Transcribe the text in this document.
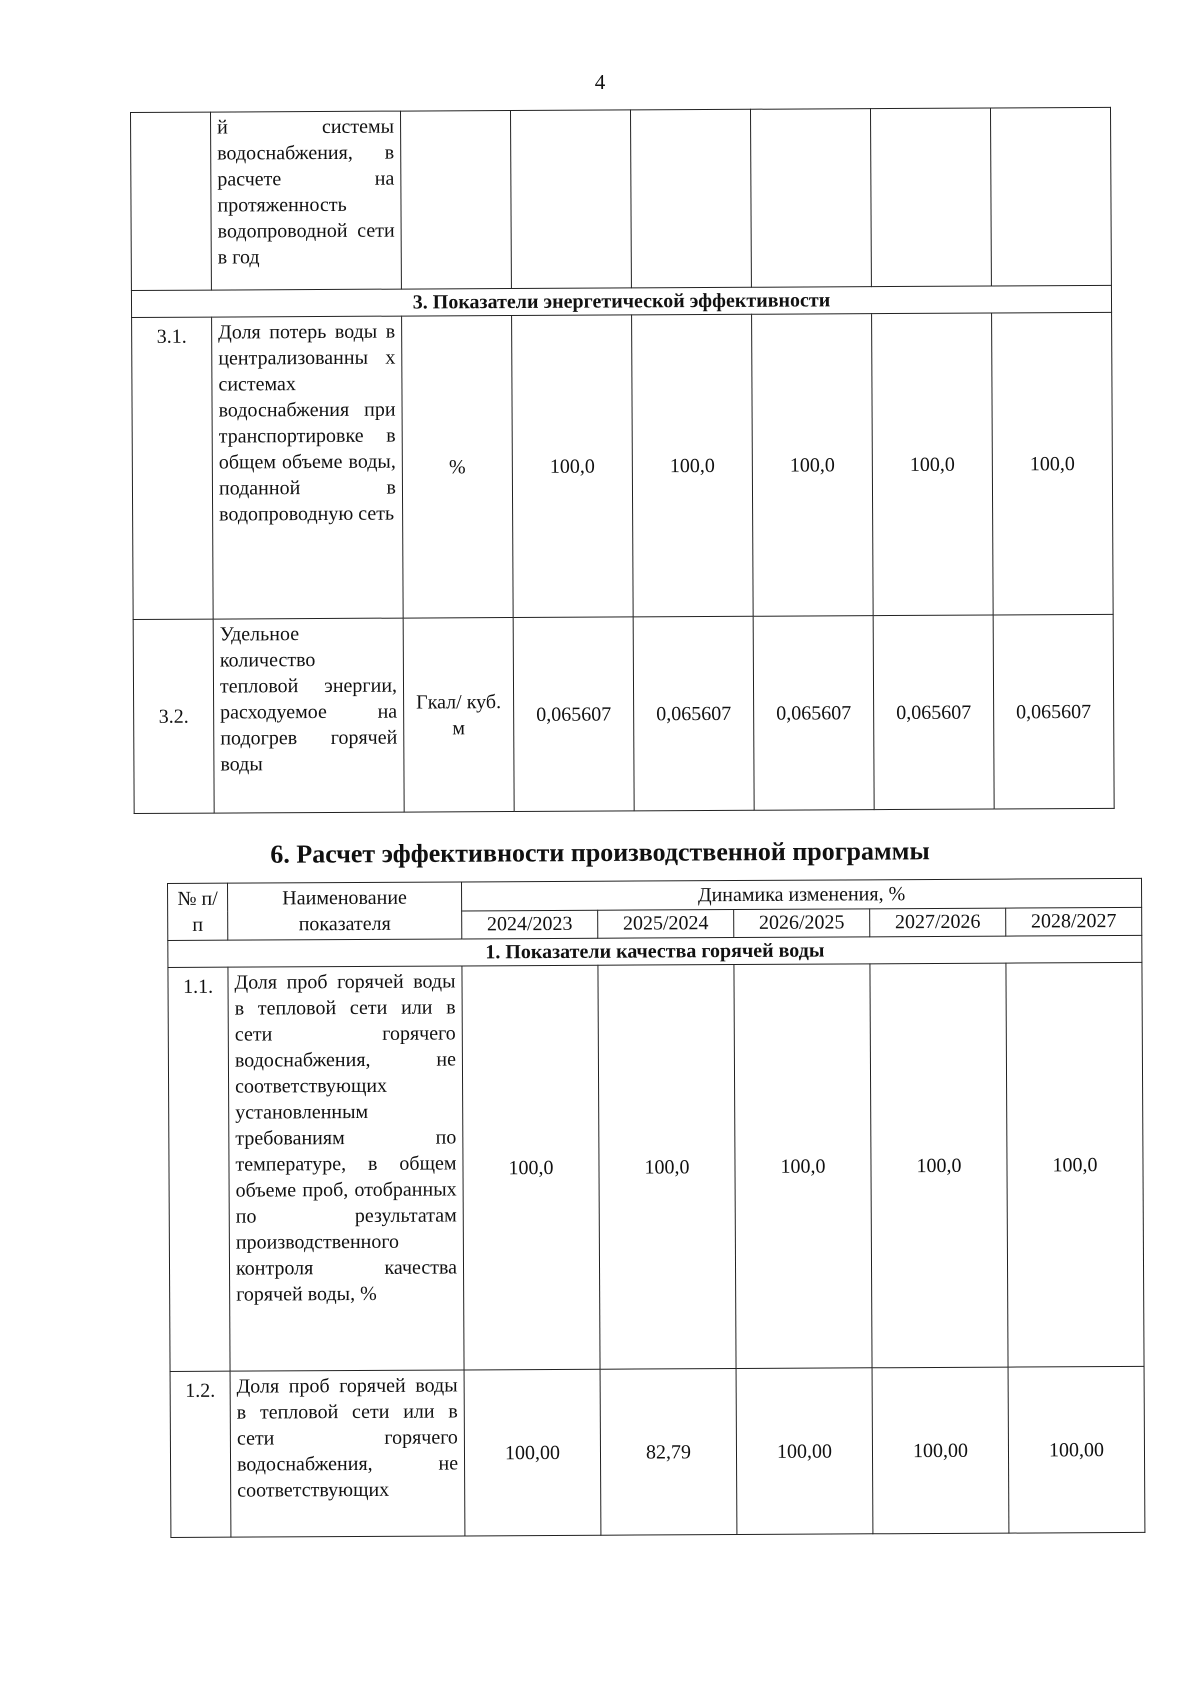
4
	й системы водоснабжения, в расчете на протяженность водопроводной сети в год						
3. Показатели энергетической эффективности							
3.1.	Доля потерь воды в централизованны х системах водоснабжения при транспортировке в общем объеме воды, поданной в водопроводную сеть	%	100,0	100,0	100,0	100,0	100,0
3.2.	Удельное количество тепловой энергии, расходуемое на подогрев горячей воды	Гкал/ куб. м	0,065607	0,065607	0,065607	0,065607	0,065607
6. Расчет эффективности производственной программы
№ п/п	Наименование показателя	Динамика изменения, %				
		2024/2023	2025/2024	2026/2025	2027/2026	2028/2027
1. Показатели качества горячей воды						
1.1.	Доля проб горячей воды в тепловой сети или в сети горячего водоснабжения, не соответствующих установленным требованиям по температуре, в общем объеме проб, отобранных по результатам производственного контроля качества горячей воды, %	100,0	100,0	100,0	100,0	100,0
1.2.	Доля проб горячей воды в тепловой сети или в сети горячего водоснабжения, не соответствующих	100,00	82,79	100,00	100,00	100,00
